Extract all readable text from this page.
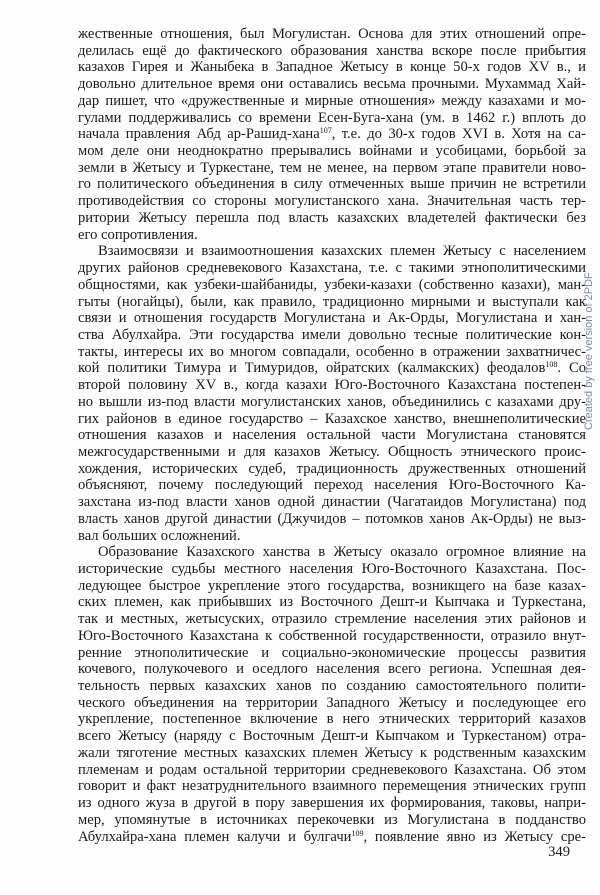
жественные отношения, был Могулистан. Основа для этих отношений опре-
делилась ещё до фактического образования ханства вскоре после прибытия
казахов Гирея и Жаныбека в Западное Жетысу в конце 50-х годов XV в., и
довольно длительное время они оставались весьма прочными. Мухаммад Хай-
дар пишет, что «дружественные и мирные отношения» между казахами и мо-
гулами поддерживались со времени Есен-Буга-хана (ум. в 1462 г.) вплоть до
начала правления Абд ар-Рашид-хана$^{107}$, т.е. до 30-х годов XVI в. Хотя на са-
мом деле они неоднократно прерывались войнами и усобицами, борьбой за
земли в Жетысу и Туркестане, тем не менее, на первом этапе правители ново-
го политического объединения в силу отмеченных выше причин не встретили
противодействия со стороны могулистанского хана. Значительная часть тер-
ритории Жетысу перешла под власть казахских владетелей фактически без
его сопротивления.
Взаимосвязи и взаимоотношения казахских племен Жетысу с населением
других районов средневекового Казахстана, т.е. с такими этнополитическими
общностями, как узбеки-шайбаниды, узбеки-казахи (собственно казахи), ман-
гыты (ногайцы), были, как правило, традиционно мирными и выступали как
связи и отношения государств Могулистана и Ак-Орды, Могулистана и хан-
ства Абулхайра. Эти государства имели довольно тесные политические кон-
такты, интересы их во многом совпадали, особенно в отражении захватничес-
кой политики Тимура и Тимуридов, ойратских (калмакских) феодалов$^{108}$. Со
второй половину XV в., когда казахи Юго-Восточного Казахстана постепен-
но вышли из-под власти могулистанских ханов, объединились с казахами дру-
гих районов в единое государство – Казахское ханство, внешнеполитические
отношения казахов и населения остальной части Могулистана становятся
межгосударственными и для казахов Жетысу. Общность этнического проис-
хождения, исторических судеб, традиционность дружественных отношений
объясняют, почему последующий переход населения Юго-Восточного Ка-
захстана из-под власти ханов одной династии (Чагатаидов Могулистана) под
власть ханов другой династии (Джучидов – потомков ханов Ак-Орды) не выз-
вал больших осложнений.
Образование Казахского ханства в Жетысу оказало огромное влияние на
исторические судьбы местного населения Юго-Восточного Казахстана. Пос-
ледующее быстрое укрепление этого государства, возникщего на базе казах-
ских племен, как прибывших из Восточного Дешт-и Кыпчака и Туркестана,
так и местных, жетысуских, отразило стремление населения этих районов и
Юго-Восточного Казахстана к собственной государственности, отразило внут-
ренние этнополитические и социально-экономические процессы развития
кочевого, полукочевого и оседлого населения всего региона. Успешная дея-
тельность первых казахских ханов по созданию самостоятельного полити-
ческого объединения на территории Западного Жетысу и последующее его
укрепление, постепенное включение в него этнических территорий казахов
всего Жетысу (наряду с Восточным Дешт-и Кыпчаком и Туркестаном) отра-
жали тяготение местных казахских племен Жетысу к родственным казахским
племенам и родам остальной территории средневекового Казахстана. Об этом
говорит и факт незатруднительного взаимного перемещения этнических групп
из одного жуза в другой в пору завершения их формирования, таковы, напри-
мер, упомянутые в источниках перекочевки из Могулистана в подданство
Абулхайра-хана племен калучи и булгачи$^{109}$, появление явно из Жетысу сре-
349
Created by free version of 2PDF
